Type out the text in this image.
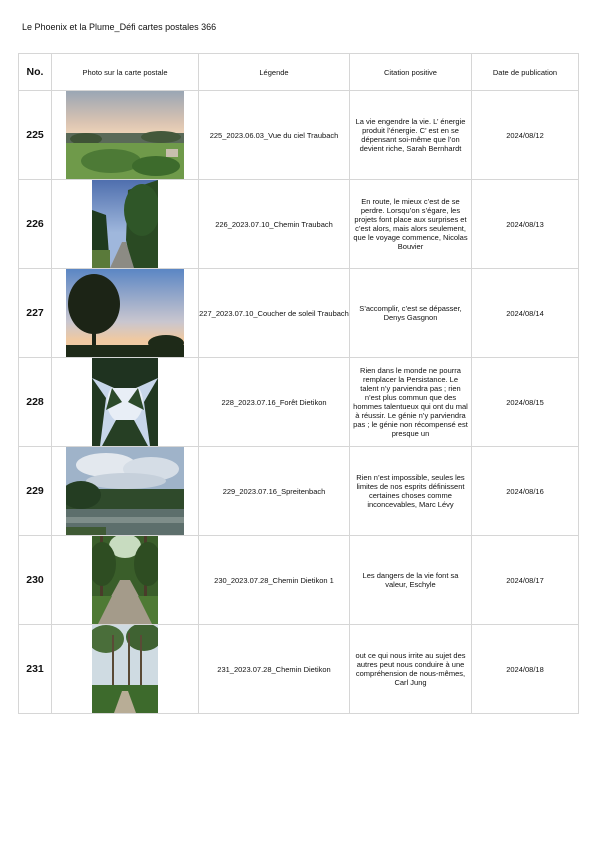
Le Phoenix et la Plume_Défi cartes postales 366
No.	Photo sur la carte postale	Légende	Citation positive	Date de publication
225		225_2023.06.03_Vue du ciel Traubach	La vie engendre la vie. L’ énergie produit l’énergie. C’ est en se dépensant soi-même que l’on devient riche, Sarah Bernhardt	2024/08/12
226		226_2023.07.10_Chemin Traubach	En route, le mieux c’est de se perdre. Lorsqu’on s’égare, les projets font place aux surprises et c’est alors, mais alors seulement, que le voyage commence, Nicolas Bouvier	2024/08/13
227		227_2023.07.10_Coucher de soleil Traubach	S’accomplir, c’est se dépasser, Denys Gasgnon	2024/08/14
228		228_2023.07.16_Forêt Dietikon	Rien dans le monde ne pourra remplacer la Persistance. Le talent n’y parviendra pas ; rien n’est plus commun que des hommes talentueux qui ont du mal à réussir. Le génie n’y parviendra pas ; le génie non récompensé est presque un	2024/08/15
229		229_2023.07.16_Spreitenbach	Rien n’est impossible, seules les limites de nos esprits définissent certaines choses comme inconcevables, Marc Lévy	2024/08/16
230		230_2023.07.28_Chemin Dietikon 1	Les dangers de la vie font sa valeur, Eschyle	2024/08/17
231		231_2023.07.28_Chemin Dietikon	out ce qui nous irrite au sujet des autres peut nous conduire à une compréhension de nous-mêmes, Carl Jung	2024/08/18
